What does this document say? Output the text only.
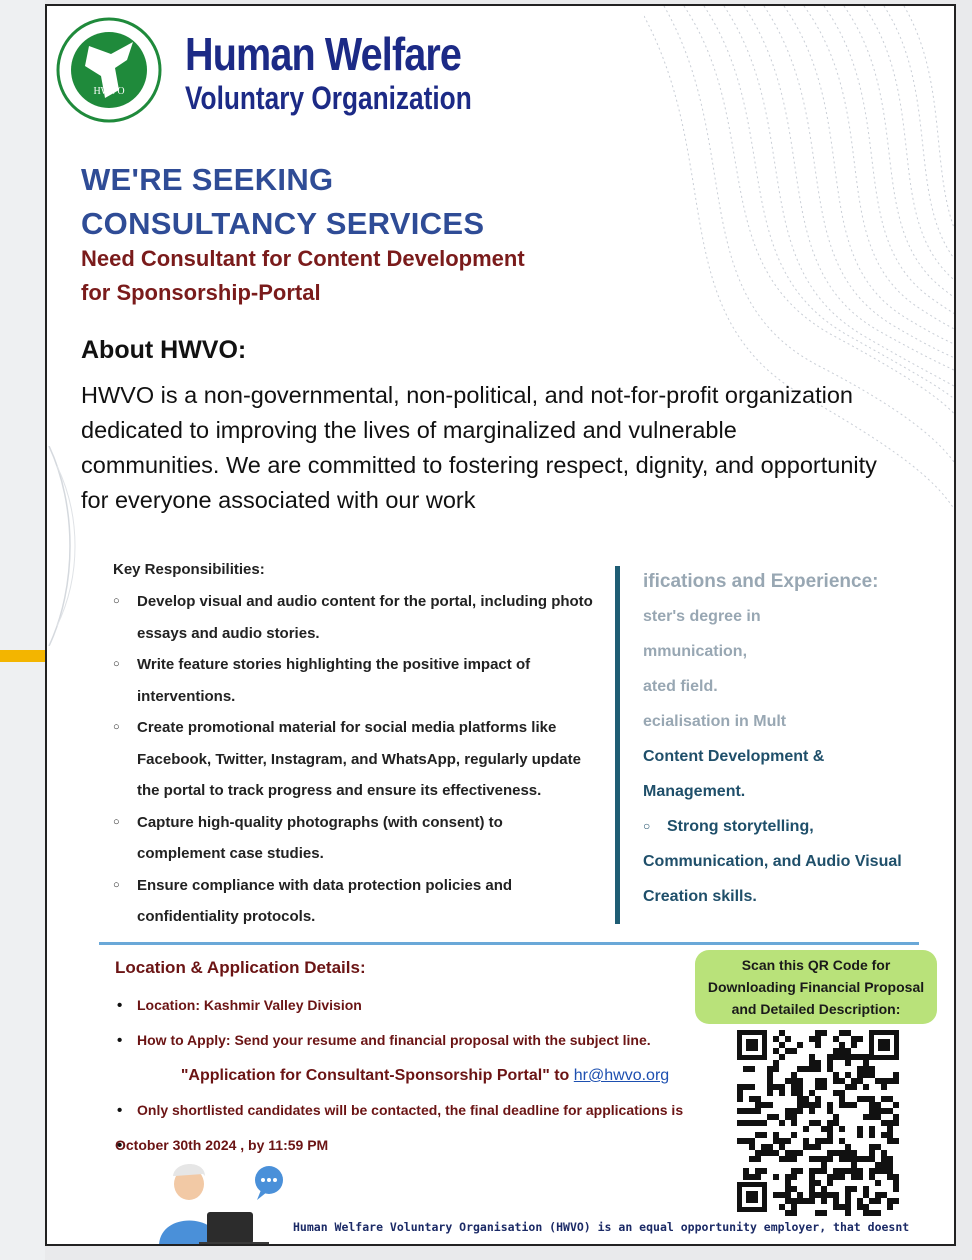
HWVO
Human Welfare
Voluntary Organization
WE'RE SEEKING
CONSULTANCY SERVICES
Need Consultant for Content Development
for Sponsorship-Portal
About HWVO:
HWVO is a non-governmental, non-political, and not-for-profit organization dedicated to improving the lives of marginalized and vulnerable communities. We are committed to fostering respect, dignity, and opportunity for everyone associated with our work
Key Responsibilities:
○ Develop visual and audio content for the portal, including photo essays and audio stories.
○ Write feature stories highlighting the positive impact of interventions.
○ Create promotional material for social media platforms like Facebook, Twitter, Instagram, and WhatsApp, regularly update the portal to track progress and ensure its effectiveness.
○ Capture high-quality photographs (with consent) to complement case studies.
○ Ensure compliance with data protection policies and confidentiality protocols.
ifications and Experience:
ster's degree in
mmunication,
ated field.
ecialisation in Mult
Content Development &
Management.
○ Strong storytelling,
Communication, and Audio Visual
Creation skills.
Location & Application Details:
• Location: Kashmir Valley Division
• How to Apply: Send your resume and financial proposal with the subject line.
"Application for Consultant-Sponsorship Portal" to hr@hwvo.org
• Only shortlisted candidates will be contacted, the final deadline for applications is
• October 30th 2024 , by 11:59 PM
Scan this QR Code for Downloading Financial Proposal and Detailed Description:
Human Welfare Voluntary Organisation (HWVO) is an equal opportunity employer, that doesnt
